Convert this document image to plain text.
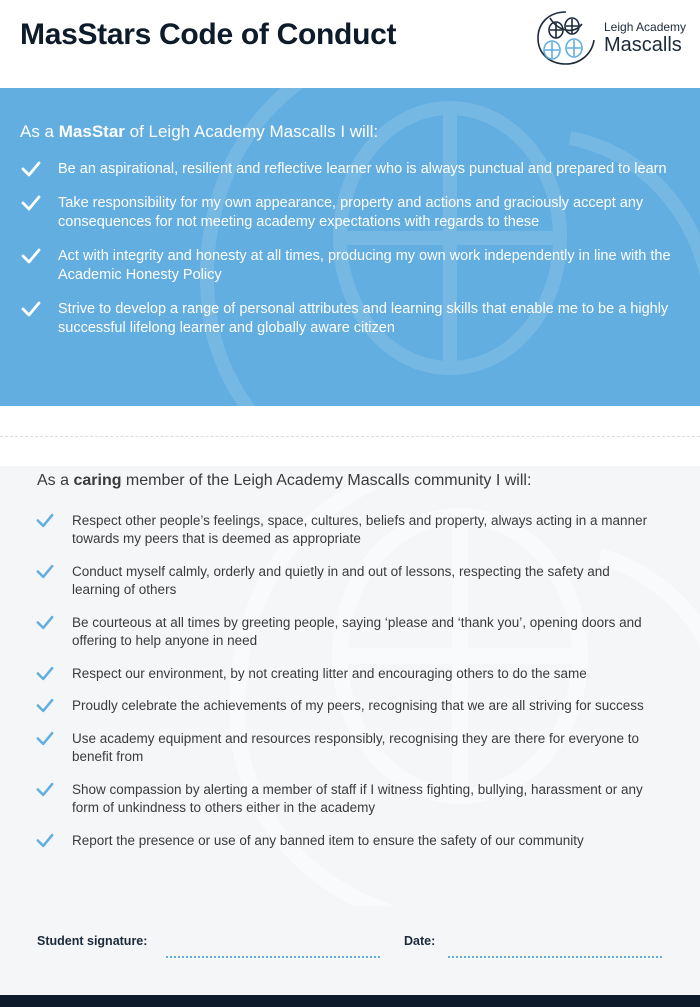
MasStars Code of Conduct	Leigh Academy
Mascalls
As a MasStar of Leigh Academy Mascalls I will:
Be an aspirational, resilient and reflective learner who is always punctual and prepared to learn
Take responsibility for my own appearance, property and actions and graciously accept any consequences for not meeting academy expectations with regards to these
Act with integrity and honesty at all times, producing my own work independently in line with the Academic Honesty Policy
Strive to develop a range of personal attributes and learning skills that enable me to be a highly successful lifelong learner and globally aware citizen
As a caring member of the Leigh Academy Mascalls community I will:
Respect other people’s feelings, space, cultures, beliefs and property, always acting in a manner towards my peers that is deemed as appropriate
Conduct myself calmly, orderly and quietly in and out of lessons, respecting the safety and learning of others
Be courteous at all times by greeting people, saying ‘please and ‘thank you’, opening doors and offering to help anyone in need
Respect our environment, by not creating litter and encouraging others to do the same
Proudly celebrate the achievements of my peers, recognising that we are all striving for success
Use academy equipment and resources responsibly, recognising they are there for everyone to benefit from
Show compassion by alerting a member of staff if I witness fighting, bullying, harassment or any form of unkindness to others either in the academy
Report the presence or use of any banned item to ensure the safety of our community
Student signature:	Date:
